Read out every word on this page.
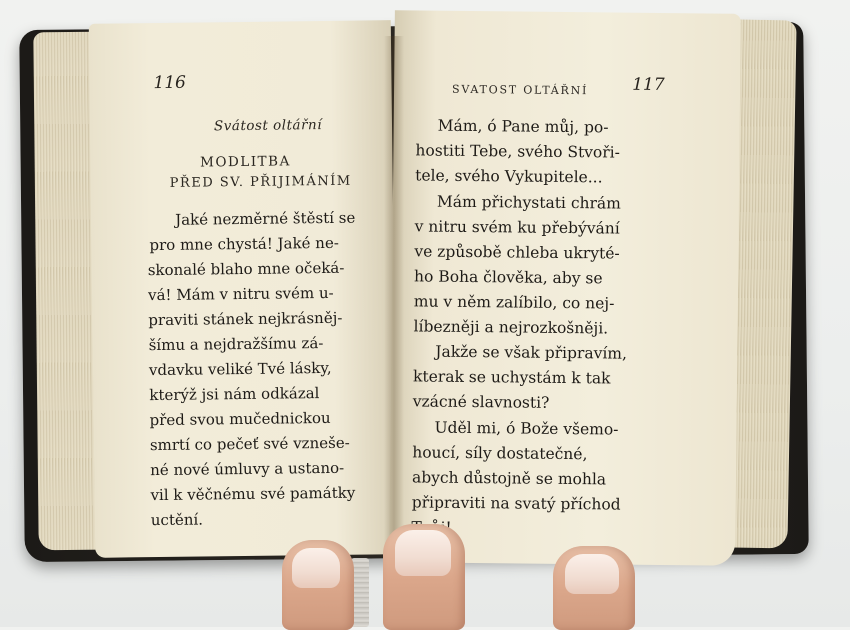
116
Svátost oltářní
MODLITBA
PŘED SV. PŘIJIMÁNÍM
Jaké nezměrné štěstí se
pro mne chystá! Jaké ne-
skonalé blaho mne očeká-
vá! Mám v nitru svém u-
praviti stánek nejkrásněj-
šímu a nejdražšímu zá-
vdavku veliké Tvé lásky,
kterýž jsi nám odkázal
před svou mučednickou
smrtí co pečeť své vzneše-
né nové úmluvy a ustano-
vil k věčnému své památky
uctění.
SVATOST OLTÁŘNÍ	117
Mám, ó Pane můj, po-
hostiti Tebe, svého Stvoři-
tele, svého Vykupitele...
Mám přichystati chrám
v nitru svém ku přebývání
ve způsobě chleba ukryté-
ho Boha člověka, aby se
mu v něm zalíbilo, co nej-
líbezněji a nejrozkošněji.
Jakže se však připravím,
kterak se uchystám k tak
vzácné slavnosti?
Uděl mi, ó Bože všemo-
houcí, síly dostatečné,
abych důstojně se mohla
připraviti na svatý příchod
